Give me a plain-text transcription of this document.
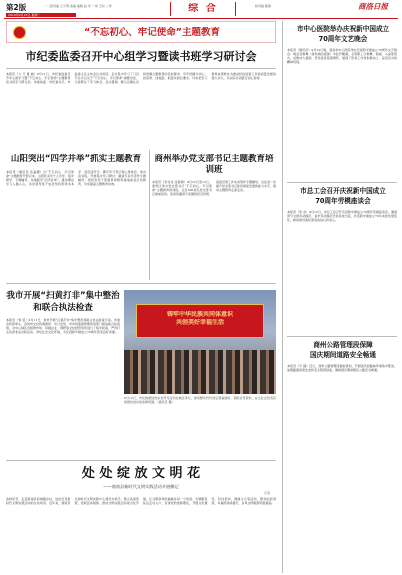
第2版	一二版责编 王元明 美编 编辑 赵 李 一审 王如 二审
2019年9月16日 星期一
综 合	版责编 邮箱	商洛日报
“不忘初心、牢记使命”主题教育
市纪委监委召开中心组学习暨读书班学习研讨会
本报讯（大 斤 夏 晓）9月11日，市纪委监委召开中心组学习暨“不忘初心、牢记使命”主题教育读书班学习研讨会。市委常委、市纪委书记、市监委主任主持会议并讲话。会议集中学习了习近平总书记关于“不忘初心、牢记使命”重要论述，交流研讨了学习体会。会议强调，要以正确认识和把握主题教育的目标要求，牢牢把握守初心、担使命、找差距、抓落实的总要求，切实把学习教育成果转化为推动纪检监察工作高质量发展的强大动力，以实际行动践行初心使命。
山阳突出“四学并举”抓实主题教育
本报讯（通讯员 张晶娜）自“不忘初心、牢记使命”主题教育开展以来，山阳县突出个人自学、集中研学、专题辅导、实地践学“四学并举”，推动理论学习入脑入心。该县领导班子成员坚持原原本本学、逐章逐节学，撰写学习笔记和心得体会；举办读书班，开展集中学习研讨；邀请专家学者作专题辅导；组织党员干部到革命教育基地接受红色教育，切实提高主题教育实效。
商州举办党支部书记主题教育培训班
本报讯（李兆龙 张春倩）9月12日至13日，商州区举办党支部书记“不忘初心、牢记使命”主题教育培训班，全区300余名党支部书记参加培训。培训班邀请专家围绕党章党规、基层党建工作实务等作专题辅导，旨在进一步提升党支部书记抓党建促发展的能力水平，推动主题教育走深走实。
我市开展“扫黄打非”集中整治和联合执法检查
本报讯（刘 蕊）9月11日，我市开展“扫黄打非”集中整治和联合执法检查行动。市委宣传部牵头，会同市文化和旅游局、市公安局、市市场监督管理局等部门组成联合检查组，对中心城区出版物市场、印刷企业、网吧等文化经营场所进行了集中检查，严厉打击各类非法出版活动，净化社会文化环境，为庆祝新中国成立70周年营造良好氛围。
铸牢中华民族共同体意识
共创美好幸福生活
9月12日，市民族团结进步宣传月活动在城区举行，现场群众纷纷驻足观看展板、领取宣传资料，在全社会营造民族团结进步的浓厚氛围。（通讯员 摄）
处 处 绽 放 文 明 花
——商南县新时代文明实践活动开展侧记
记者
金秋时节，走进商南县的城镇乡村，处处可见新时代文明实践活动的生动场景。近年来，商南县以新时代文明实践中心建设为抓手，整合各类资源，创新活动载体，推动文明实践活动常态化开展，让文明新风吹遍城乡每一个角落。志愿服务队伍走村入户，宣讲党的创新理论，开展文化惠民、科技培训、健康义诊等活动，群众的获得感、幸福感持续提升，乡风文明程度明显提高。
市中心医院举办庆祝新中国成立
70周年文艺晚会
本报讯（通讯员）9月12日晚，商洛市中心医院举办庆祝新中国成立70周年文艺晚会。晚会在歌舞《我和我的祖国》中拉开帷幕，全院职工以歌舞、朗诵、小品等形式，讴歌伟大祖国，抒发爱党爱国情怀，展现了医务工作者积极向上、奋发有为的精神风貌。
市总工会召开庆祝新中国成立
70周年劳模座谈会
本报讯（李 洁）9月12日，市总工会召开庆祝新中国成立70周年劳模座谈会，邀请部分全国劳动模范、省市劳动模范代表座谈交流，共话新中国成立70年来的发展变化，畅谈建设美好商洛的信心和决心。
商州公路管理段保障
国庆期间道路安全畅通
本报讯（宁 越）近日，商州公路管理段提前谋划，开展国庆前路域环境集中整治，加强路面病害处治和安全隐患排查，确保国庆期间辖区公路安全畅通。
